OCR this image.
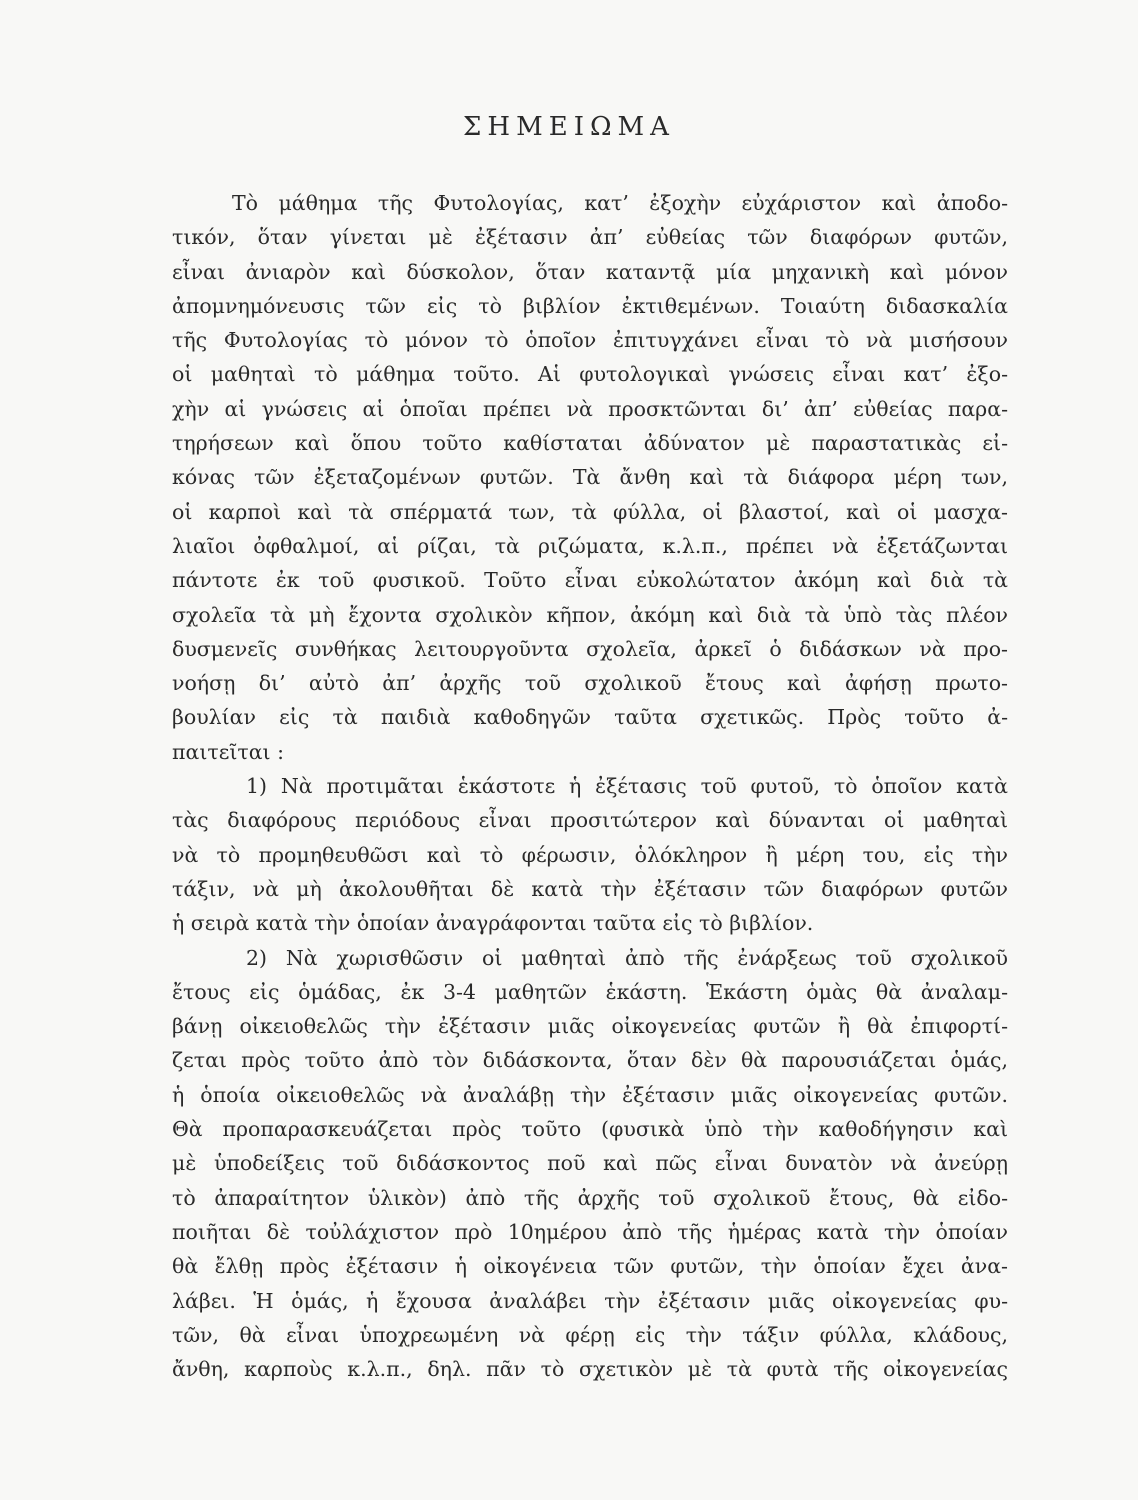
ΣΗΜΕΙΩΜΑ
Τὸ μάθημα τῆς Φυτολογίας, κατ’ ἐξοχὴν εὐχάριστον καὶ ἀποδο-
τικόν, ὅταν γίνεται μὲ ἐξέτασιν ἀπ’ εὐθείας τῶν διαφόρων φυτῶν,
εἶναι ἀνιαρὸν καὶ δύσκολον, ὅταν καταντᾷ μία μηχανικὴ καὶ μόνον
ἀπομνημόνευσις τῶν εἰς τὸ βιβλίον ἐκτιθεμένων. Τοιαύτη διδασκαλία
τῆς Φυτολογίας τὸ μόνον τὸ ὁποῖον ἐπιτυγχάνει εἶναι τὸ νὰ μισήσουν
οἱ μαθηταὶ τὸ μάθημα τοῦτο. Αἱ φυτολογικαὶ γνώσεις εἶναι κατ’ ἐξο-
χὴν αἱ γνώσεις αἱ ὁποῖαι πρέπει νὰ προσκτῶνται δι’ ἀπ’ εὐθείας παρα-
τηρήσεων καὶ ὅπου τοῦτο καθίσταται ἀδύνατον μὲ παραστατικὰς εἰ-
κόνας τῶν ἐξεταζομένων φυτῶν. Τὰ ἄνθη καὶ τὰ διάφορα μέρη των,
οἱ καρποὶ καὶ τὰ σπέρματά των, τὰ φύλλα, οἱ βλαστοί, καὶ οἱ μασχα-
λιαῖοι ὀφθαλμοί, αἱ ρίζαι, τὰ ριζώματα, κ.λ.π., πρέπει νὰ ἐξετάζωνται
πάντοτε ἐκ τοῦ φυσικοῦ. Τοῦτο εἶναι εὐκολώτατον ἀκόμη καὶ διὰ τὰ
σχολεῖα τὰ μὴ ἔχοντα σχολικὸν κῆπον, ἀκόμη καὶ διὰ τὰ ὑπὸ τὰς πλέον
δυσμενεῖς συνθήκας λειτουργοῦντα σχολεῖα, ἀρκεῖ ὁ διδάσκων νὰ προ-
νοήσῃ δι’ αὐτὸ ἀπ’ ἀρχῆς τοῦ σχολικοῦ ἔτους καὶ ἀφήσῃ πρωτο-
βουλίαν εἰς τὰ παιδιὰ καθοδηγῶν ταῦτα σχετικῶς. Πρὸς τοῦτο ἀ-
παιτεῖται :
1) Νὰ προτιμᾶται ἑκάστοτε ἡ ἐξέτασις τοῦ φυτοῦ, τὸ ὁποῖον κατὰ
τὰς διαφόρους περιόδους εἶναι προσιτώτερον καὶ δύνανται οἱ μαθηταὶ
νὰ τὸ προμηθευθῶσι καὶ τὸ φέρωσιν, ὁλόκληρον ἢ μέρη του, εἰς τὴν
τάξιν, νὰ μὴ ἀκολουθῆται δὲ κατὰ τὴν ἐξέτασιν τῶν διαφόρων φυτῶν
ἡ σειρὰ κατὰ τὴν ὁποίαν ἀναγράφονται ταῦτα εἰς τὸ βιβλίον.
2) Νὰ χωρισθῶσιν οἱ μαθηταὶ ἀπὸ τῆς ἐνάρξεως τοῦ σχολικοῦ
ἔτους εἰς ὁμάδας, ἐκ 3-4 μαθητῶν ἑκάστη. Ἑκάστη ὁμὰς θὰ ἀναλαμ-
βάνῃ οἰκειοθελῶς τὴν ἐξέτασιν μιᾶς οἰκογενείας φυτῶν ἢ θὰ ἐπιφορτί-
ζεται πρὸς τοῦτο ἀπὸ τὸν διδάσκοντα, ὅταν δὲν θὰ παρουσιάζεται ὁμάς,
ἡ ὁποία οἰκειοθελῶς νὰ ἀναλάβῃ τὴν ἐξέτασιν μιᾶς οἰκογενείας φυτῶν.
Θὰ προπαρασκευάζεται πρὸς τοῦτο (φυσικὰ ὑπὸ τὴν καθοδήγησιν καὶ
μὲ ὑποδείξεις τοῦ διδάσκοντος ποῦ καὶ πῶς εἶναι δυνατὸν νὰ ἀνεύρῃ
τὸ ἀπαραίτητον ὑλικὸν) ἀπὸ τῆς ἀρχῆς τοῦ σχολικοῦ ἔτους, θὰ εἰδο-
ποιῆται δὲ τοὐλάχιστον πρὸ 10ημέρου ἀπὸ τῆς ἡμέρας κατὰ τὴν ὁποίαν
θὰ ἔλθῃ πρὸς ἐξέτασιν ἡ οἰκογένεια τῶν φυτῶν, τὴν ὁποίαν ἔχει ἀνα-
λάβει. Ἡ ὁμάς, ἡ ἔχουσα ἀναλάβει τὴν ἐξέτασιν μιᾶς οἰκογενείας φυ-
τῶν, θὰ εἶναι ὑποχρεωμένη νὰ φέρῃ εἰς τὴν τάξιν φύλλα, κλάδους,
ἄνθη, καρποὺς κ.λ.π., δηλ. πᾶν τὸ σχετικὸν μὲ τὰ φυτὰ τῆς οἰκογενείας
